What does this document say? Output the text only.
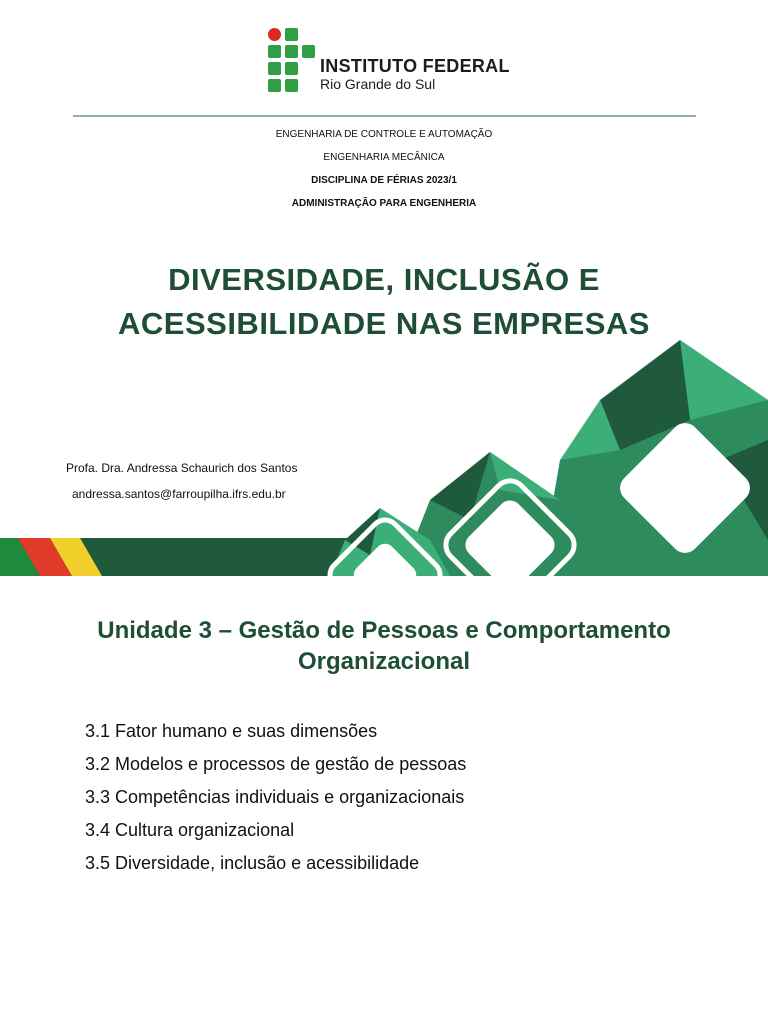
INSTITUTO FEDERAL
Rio Grande do Sul
ENGENHARIA DE CONTROLE E AUTOMAÇÃO
ENGENHARIA MECÂNICA
DISCIPLINA DE FÉRIAS 2023/1
ADMINISTRAÇÃO PARA ENGENHERIA
DIVERSIDADE, INCLUSÃO E
ACESSIBILIDADE NAS EMPRESAS
Profa. Dra. Andressa Schaurich dos Santos
andressa.santos@farroupilha.ifrs.edu.br
Unidade 3 – Gestão de Pessoas e Comportamento
Organizacional
3.1 Fator humano e suas dimensões
3.2 Modelos e processos de gestão de pessoas
3.3 Competências individuais e organizacionais
3.4 Cultura organizacional
3.5 Diversidade, inclusão e acessibilidade
